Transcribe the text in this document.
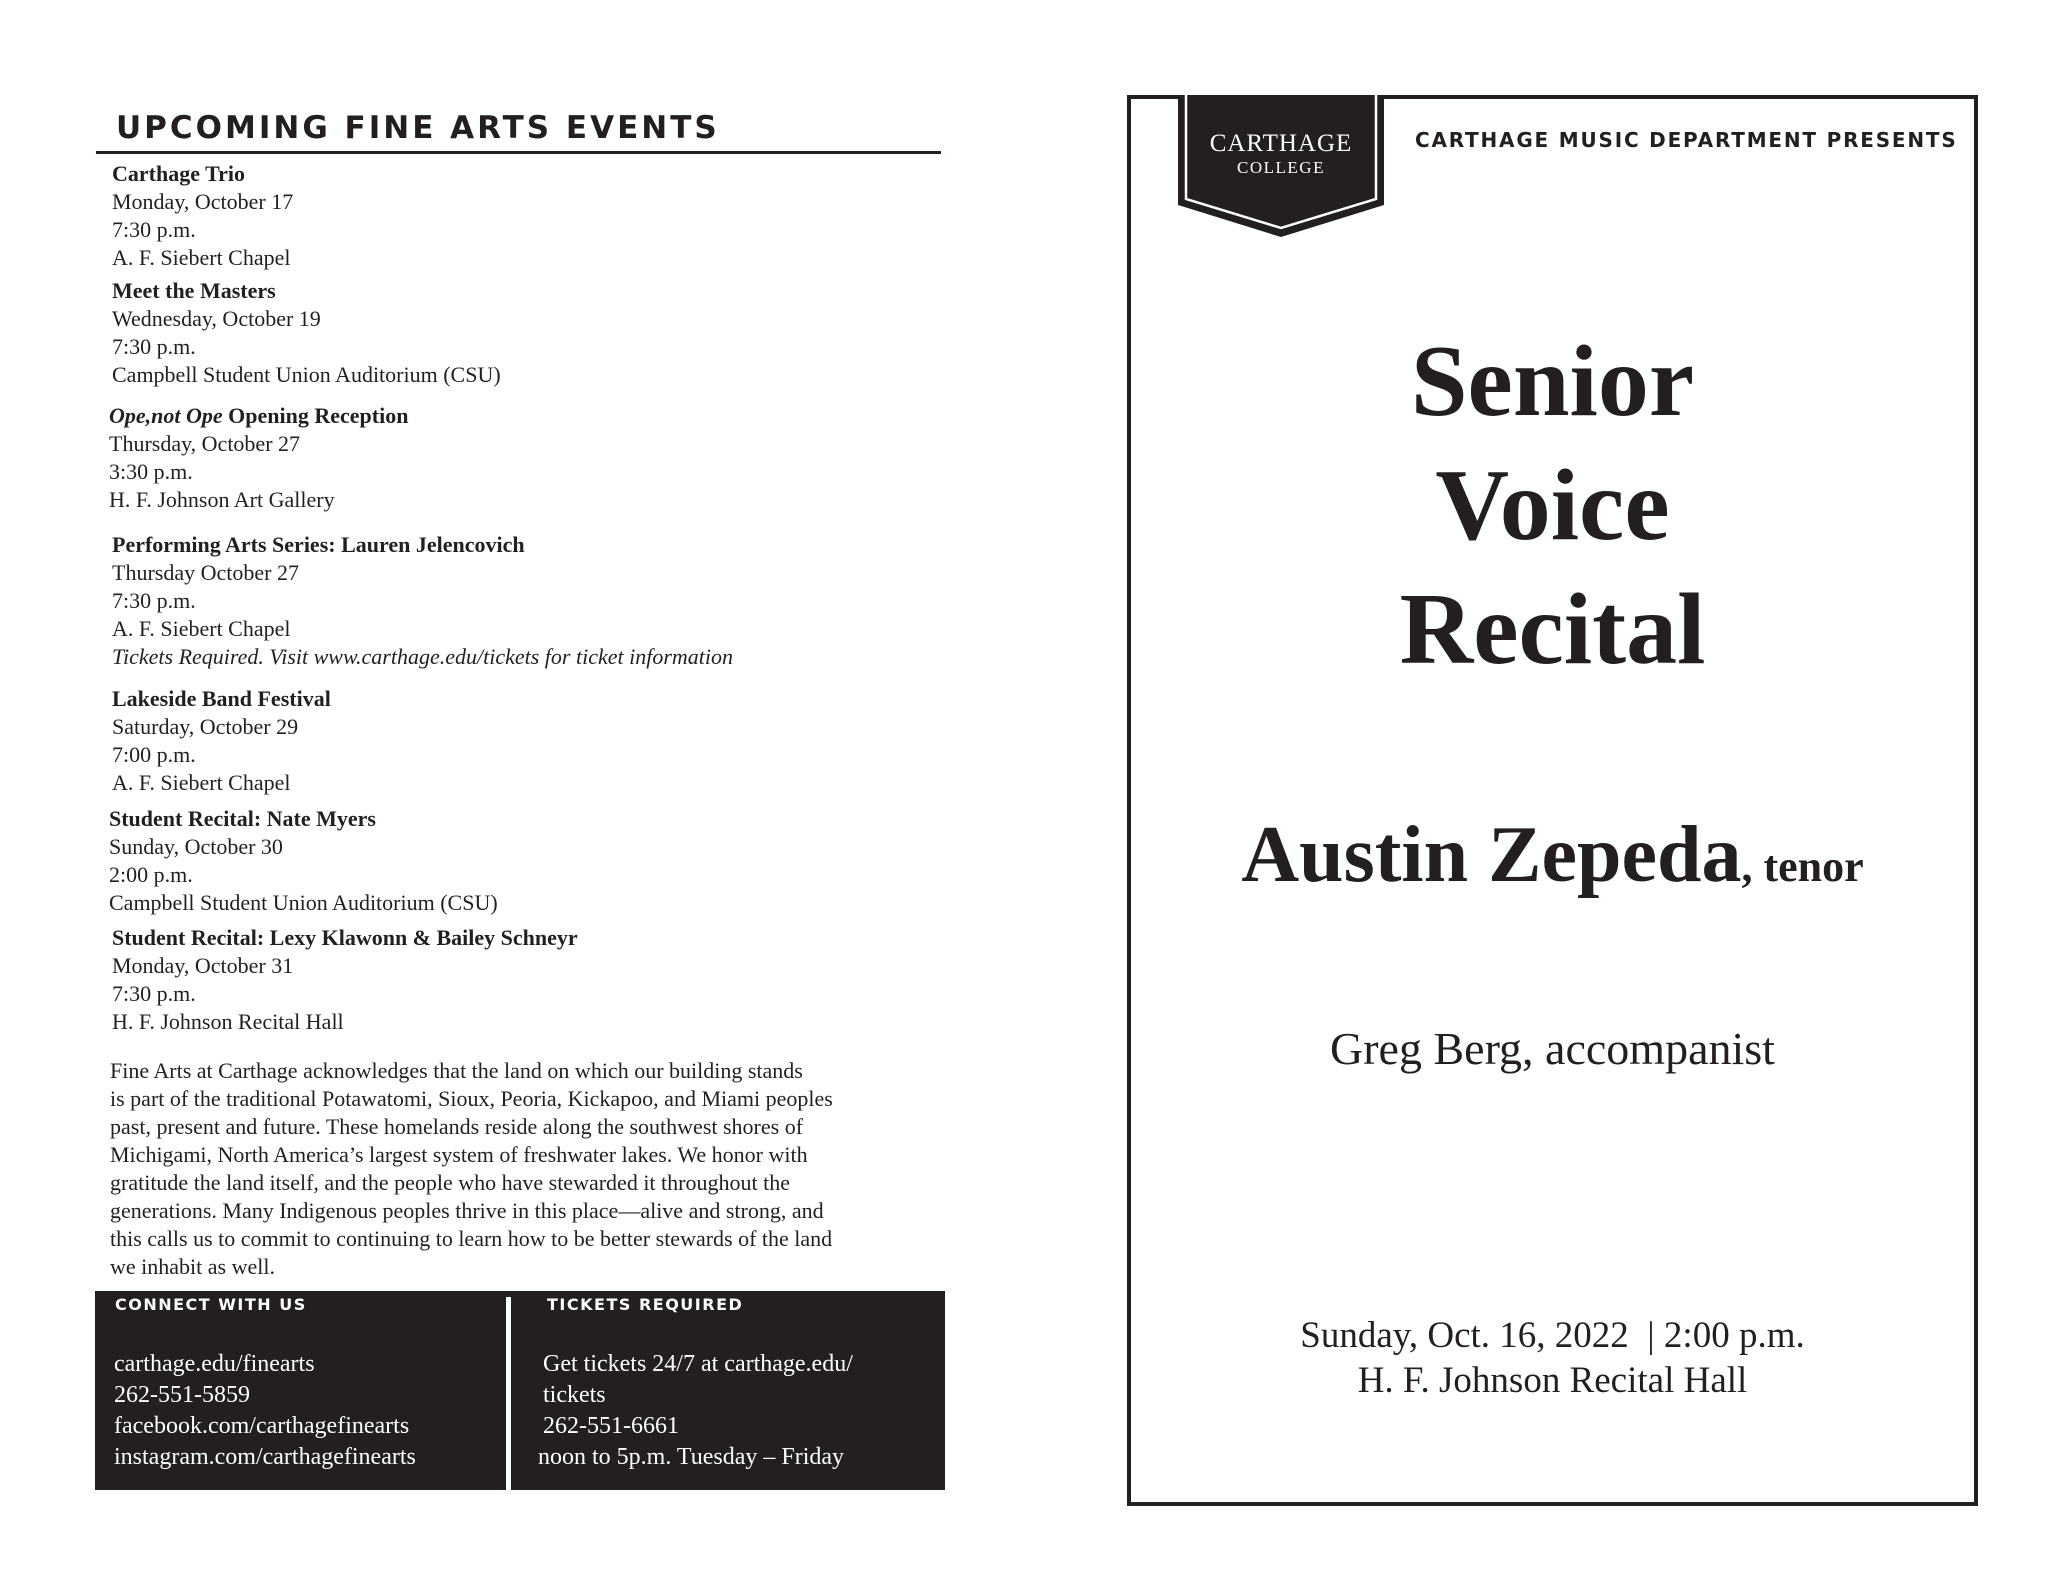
UPCOMING FINE ARTS EVENTS
Carthage Trio
Monday, October 17
7:30 p.m.
A. F. Siebert Chapel
Meet the Masters
Wednesday, October 19
7:30 p.m.
Campbell Student Union Auditorium (CSU)
Ope,not Ope Opening Reception
Thursday, October 27
3:30 p.m.
H. F. Johnson Art Gallery
Performing Arts Series: Lauren Jelencovich
Thursday October 27
7:30 p.m.
A. F. Siebert Chapel
Tickets Required. Visit www.carthage.edu/tickets for ticket information
Lakeside Band Festival
Saturday, October 29
7:00 p.m.
A. F. Siebert Chapel
Student Recital: Nate Myers
Sunday, October 30
2:00 p.m.
Campbell Student Union Auditorium (CSU)
Student Recital: Lexy Klawonn & Bailey Schneyr
Monday, October 31
7:30 p.m.
H. F. Johnson Recital Hall
Fine Arts at Carthage acknowledges that the land on which our building stands
is part of the traditional Potawatomi, Sioux, Peoria, Kickapoo, and Miami peoples
past, present and future. These homelands reside along the southwest shores of
Michigami, North America’s largest system of freshwater lakes. We honor with
gratitude the land itself, and the people who have stewarded it throughout the
generations. Many Indigenous peoples thrive in this place—alive and strong, and
this calls us to commit to continuing to learn how to be better stewards of the land
we inhabit as well.
CONNECT WITH US
carthage.edu/finearts
262-551-5859
facebook.com/carthagefinearts
instagram.com/carthagefinearts
TICKETS REQUIRED
Get tickets 24/7 at carthage.edu/
tickets
262-551-6661
noon to 5p.m. Tuesday – Friday
CARTHAGE
COLLEGE
CARTHAGE MUSIC DEPARTMENT PRESENTS
Senior
Voice
Recital
Austin Zepeda, tenor
Greg Berg, accompanist
Sunday, Oct. 16, 2022  | 2:00 p.m.
H. F. Johnson Recital Hall
